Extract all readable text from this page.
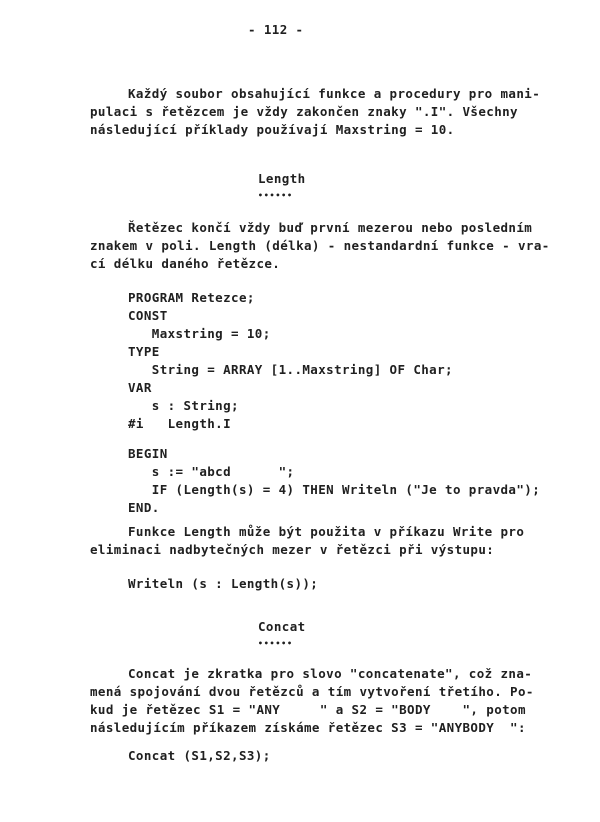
- 112 -
Každý soubor obsahující funkce a procedury pro mani-
pulaci s řetězcem je vždy zakončen znaky ".I". Všechny
následující příklady používají Maxstring = 10.
Length
••••••
Řetězec končí vždy buď první mezerou nebo posledním
znakem v poli. Length (délka) - nestandardní funkce - vra-
cí délku daného řetězce.
PROGRAM Retezce;
CONST
Maxstring = 10;
TYPE
String = ARRAY [1..Maxstring] OF Char;
VAR
s : String;
#i   Length.I
BEGIN
s := "abcd      ";
IF (Length(s) = 4) THEN Writeln ("Je to pravda");
END.
Funkce Length může být použita v příkazu Write pro
eliminaci nadbytečných mezer v řetězci při výstupu:
Writeln (s : Length(s));
Concat
••••••
Concat je zkratka pro slovo "concatenate", což zna-
mená spojování dvou řetězců a tím vytvoření třetího. Po-
kud je řetězec S1 = "ANY     " a S2 = "BODY    ", potom
následujícím příkazem získáme řetězec S3 = "ANYBODY  ":
Concat (S1,S2,S3);
